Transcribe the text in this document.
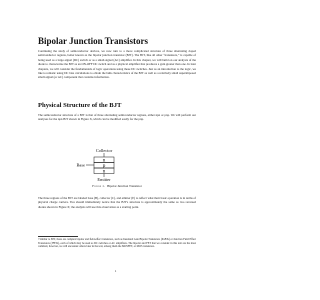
Bipolar Junction Transistors

Continuing the study of semiconductor devices, we now turn to a more complicated structure of three alternating doped semiconductor regions, better known as the bipolar junction transistor (BJT). The BJT, like all other “transistors,” is capable of being used as a large-signal (DC) switch or as a small-signal (AC) amplifier. In this chapter, we will build on our analysis of the diode to characterize the BJT as an ON-OFF DC switch and as a physical amplifier that produces a gain greater than one. In later chapters, we will consider the fundamentals of logic operations using these DC switches. Just as an introduction to the logic, we like to remark: using DC bias calculations to obtain the bulk characteristics of the BJT as well as a relatively small superimposed small-signal (or AC) component that contains information.

Physical Structure of the BJT

The semiconductor structure of a BJT is that of three alternating semiconductor regions, either npn or pnp. We will perform our analyses for the npn BJT shown in Figure X, which can be modified easily for the pnp.

Collector
n
p
n
Base
Emitter
Figure 1. Bipolar Junction Transistor

The three regions of the BJT are labeled base (B), collector (C), and emitter (E) to reflect what their basic operation is in terms of physical charge carriers. You should immediately notice that the BJT's structure is approximately the same as two reversed diodes shown in Figure X; the analysis will use this observation as a starting point.

¹ Similar to BJT, there are complex bipolar and field-effect transistors, such as Insulated Gate Bipolar Transistors (IGBTs) or Junction Field Effect Transistors (JFETs), each of which may be used as DC switches or AC amplifiers. The bipolar and FET that we consider in this text are the most common; however, we will encounter others later in the text, among them the MOSFET, or MOS transistors.
1
